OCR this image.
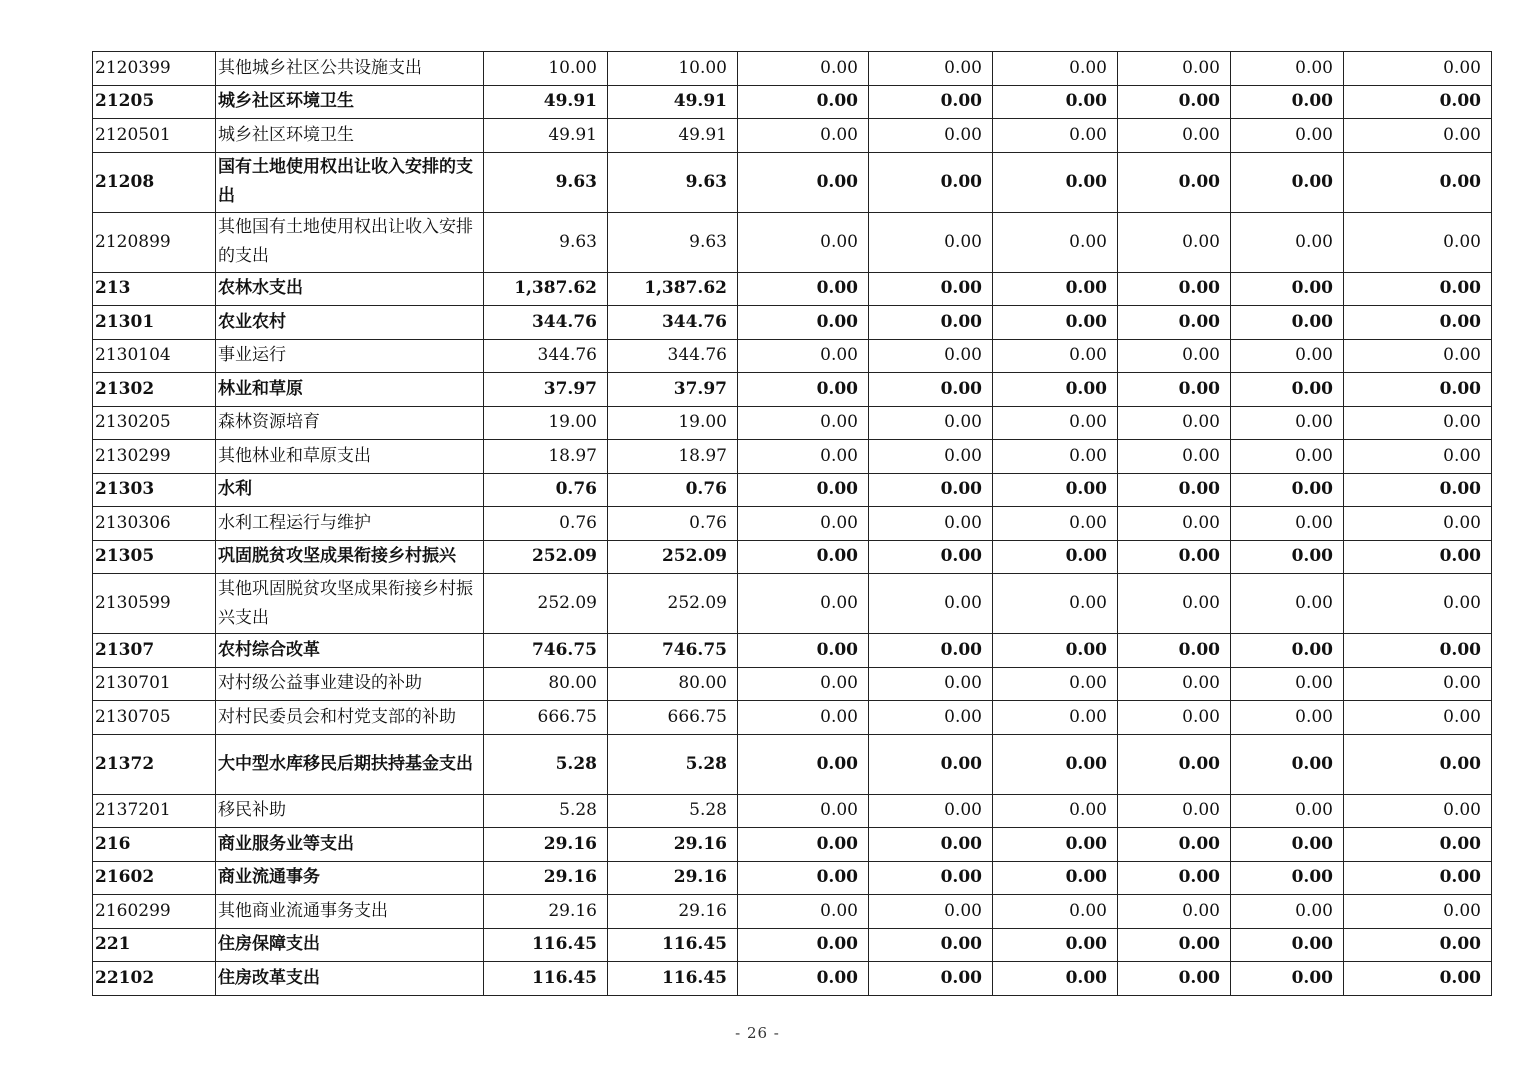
2120399	其他城乡社区公共设施支出	10.00	10.00	0.00	0.00	0.00	0.00	0.00	0.00
21205	城乡社区环境卫生	49.91	49.91	0.00	0.00	0.00	0.00	0.00	0.00
2120501	城乡社区环境卫生	49.91	49.91	0.00	0.00	0.00	0.00	0.00	0.00
21208	国有土地使用权出让收入安排的支出	9.63	9.63	0.00	0.00	0.00	0.00	0.00	0.00
2120899	其他国有土地使用权出让收入安排的支出	9.63	9.63	0.00	0.00	0.00	0.00	0.00	0.00
213	农林水支出	1,387.62	1,387.62	0.00	0.00	0.00	0.00	0.00	0.00
21301	农业农村	344.76	344.76	0.00	0.00	0.00	0.00	0.00	0.00
2130104	事业运行	344.76	344.76	0.00	0.00	0.00	0.00	0.00	0.00
21302	林业和草原	37.97	37.97	0.00	0.00	0.00	0.00	0.00	0.00
2130205	森林资源培育	19.00	19.00	0.00	0.00	0.00	0.00	0.00	0.00
2130299	其他林业和草原支出	18.97	18.97	0.00	0.00	0.00	0.00	0.00	0.00
21303	水利	0.76	0.76	0.00	0.00	0.00	0.00	0.00	0.00
2130306	水利工程运行与维护	0.76	0.76	0.00	0.00	0.00	0.00	0.00	0.00
21305	巩固脱贫攻坚成果衔接乡村振兴	252.09	252.09	0.00	0.00	0.00	0.00	0.00	0.00
2130599	其他巩固脱贫攻坚成果衔接乡村振兴支出	252.09	252.09	0.00	0.00	0.00	0.00	0.00	0.00
21307	农村综合改革	746.75	746.75	0.00	0.00	0.00	0.00	0.00	0.00
2130701	对村级公益事业建设的补助	80.00	80.00	0.00	0.00	0.00	0.00	0.00	0.00
2130705	对村民委员会和村党支部的补助	666.75	666.75	0.00	0.00	0.00	0.00	0.00	0.00
21372	大中型水库移民后期扶持基金支出	5.28	5.28	0.00	0.00	0.00	0.00	0.00	0.00
2137201	移民补助	5.28	5.28	0.00	0.00	0.00	0.00	0.00	0.00
216	商业服务业等支出	29.16	29.16	0.00	0.00	0.00	0.00	0.00	0.00
21602	商业流通事务	29.16	29.16	0.00	0.00	0.00	0.00	0.00	0.00
2160299	其他商业流通事务支出	29.16	29.16	0.00	0.00	0.00	0.00	0.00	0.00
221	住房保障支出	116.45	116.45	0.00	0.00	0.00	0.00	0.00	0.00
22102	住房改革支出	116.45	116.45	0.00	0.00	0.00	0.00	0.00	0.00
- 26 -
